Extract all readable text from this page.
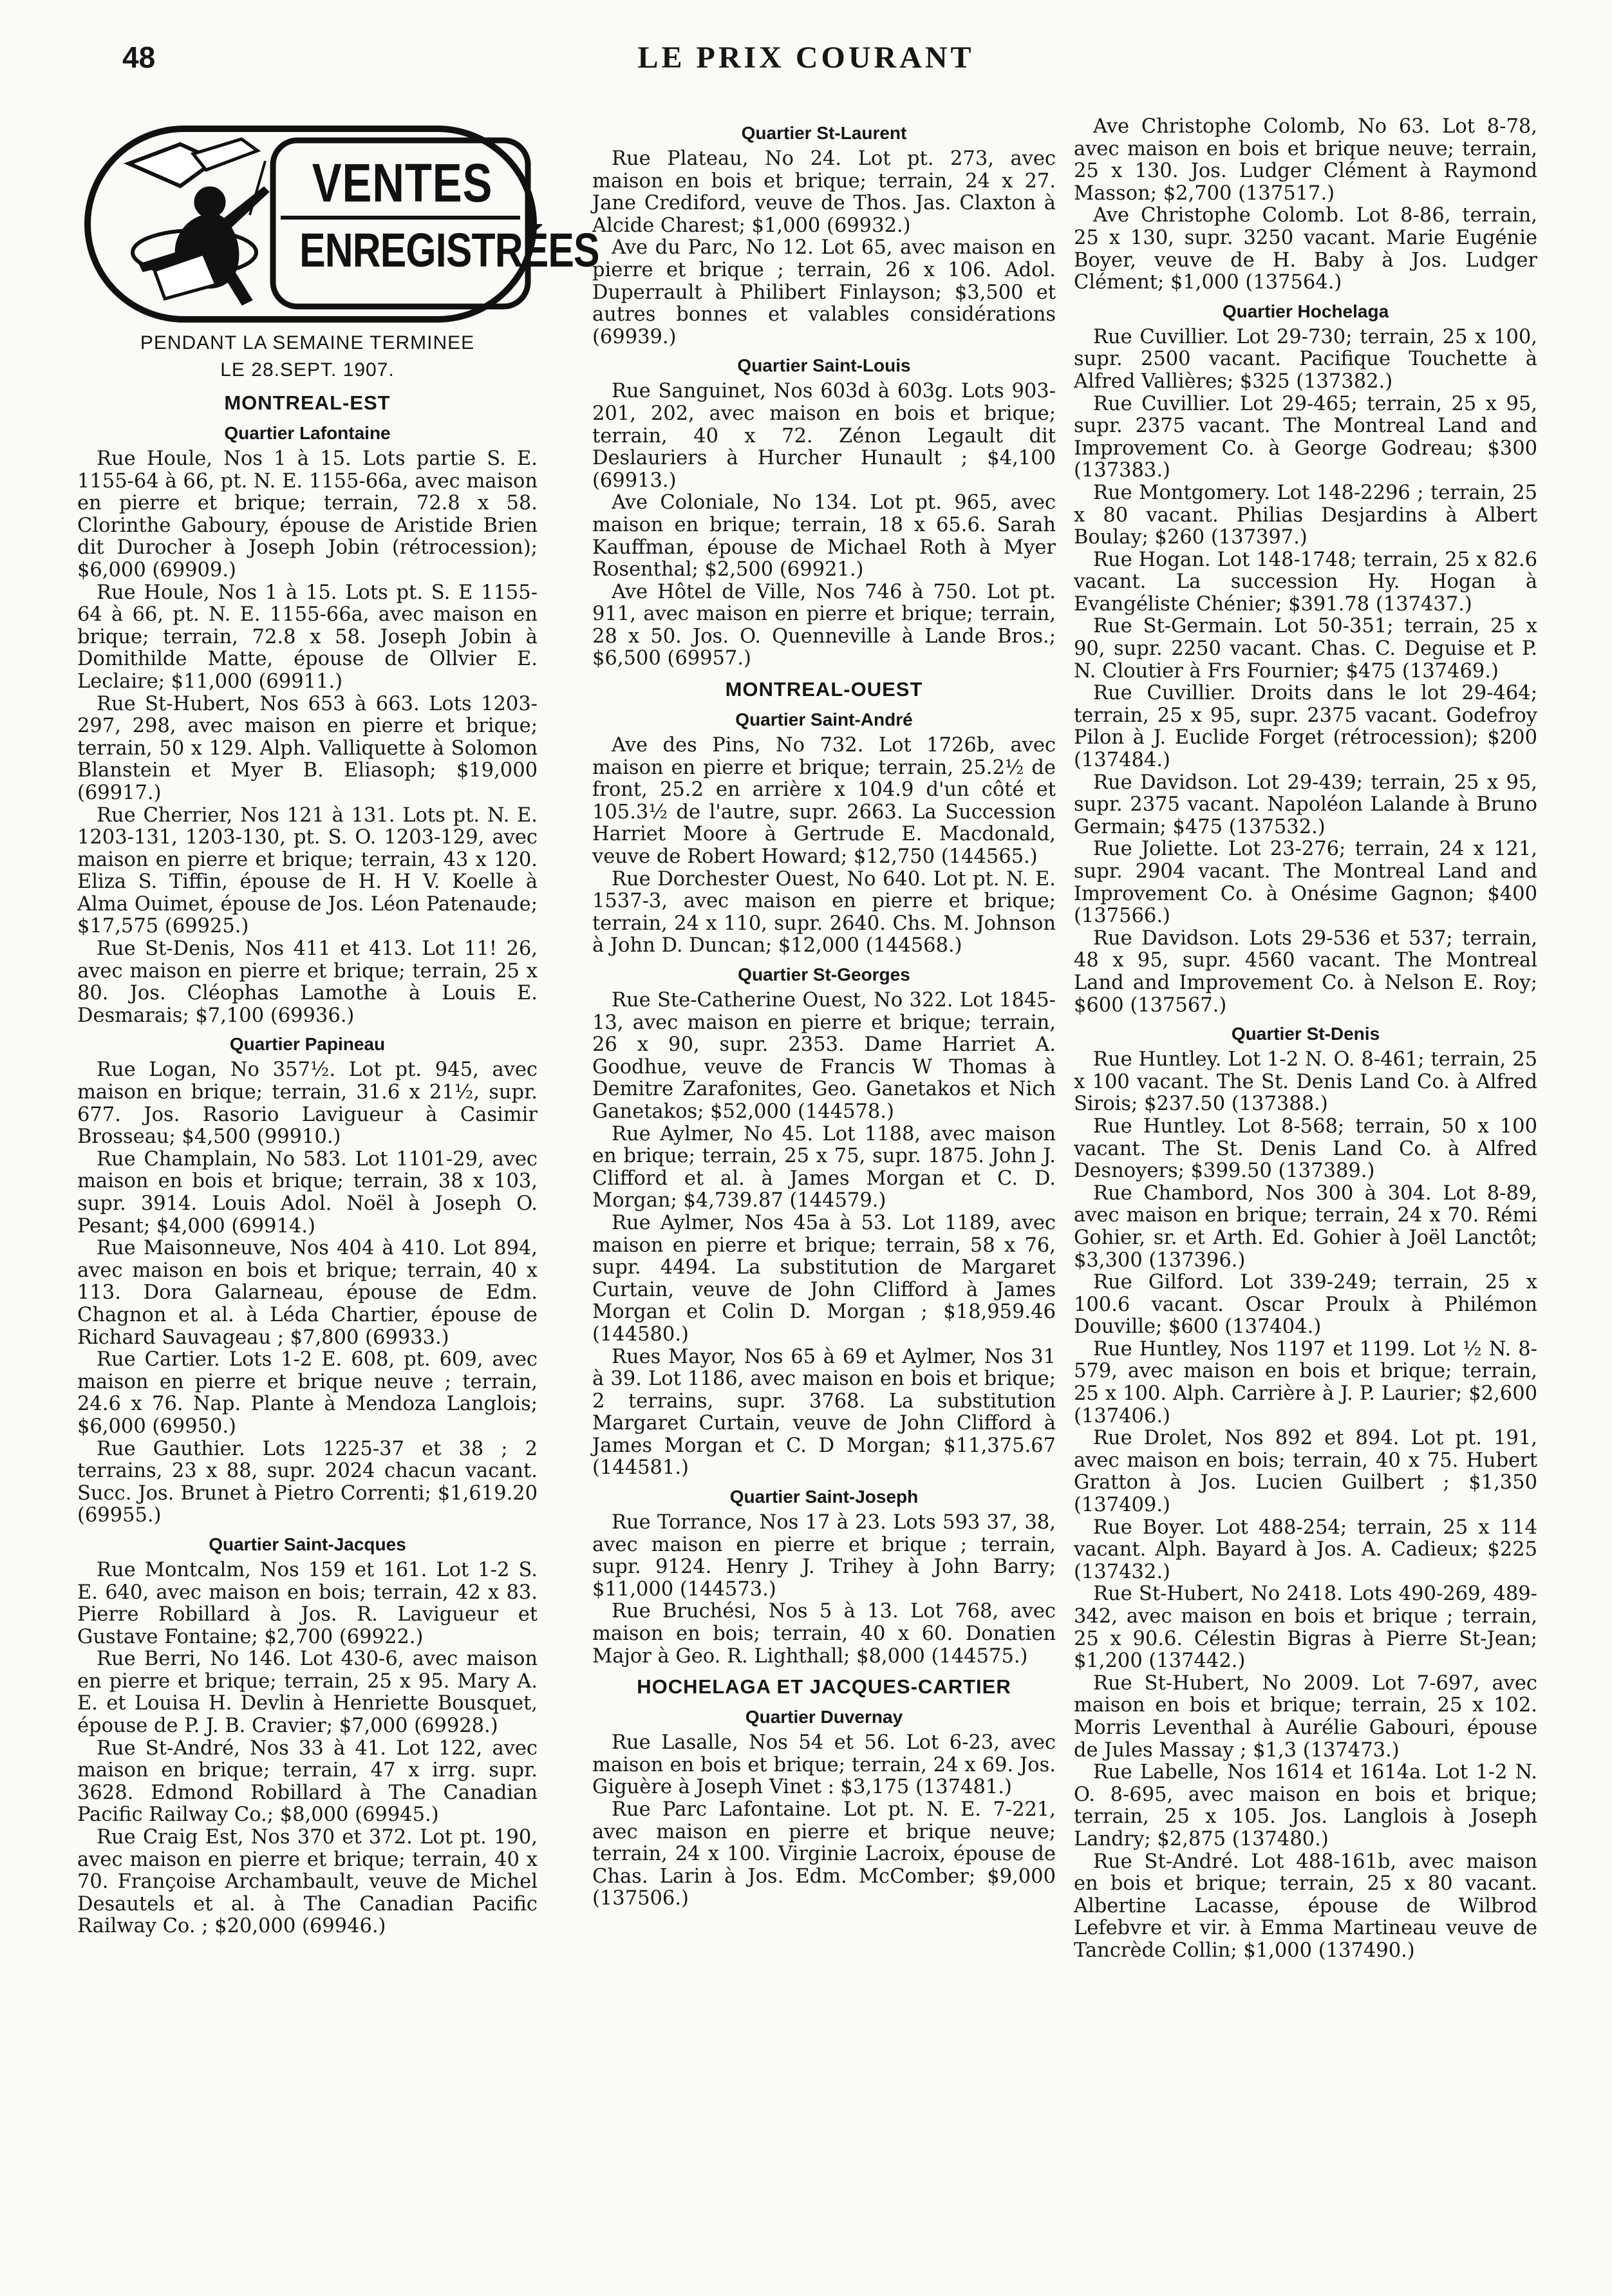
48	LE PRIX COURANT
VENTES
ENREGISTRÉES
PENDANT LA SEMAINE TERMINEE
LE 28.SEPT. 1907.

MONTREAL-EST

Quartier Lafontaine

Rue Houle, Nos 1 à 15. Lots partie S. E. 1155-64 à 66, pt. N. E. 1155-66a, avec maison en pierre et brique; terrain, 72.8 x 58. Clorinthe Gaboury, épouse de Aristide Brien dit Durocher à Joseph Jobin (rétrocession); $6,000 (69909.)

Rue Houle, Nos 1 à 15. Lots pt. S. E 1155-64 à 66, pt. N. E. 1155-66a, avec maison en brique; terrain, 72.8 x 58. Joseph Jobin à Domithilde Matte, épouse de Ollvier E. Leclaire; $11,000 (69911.)

Rue St-Hubert, Nos 653 à 663. Lots 1203-297, 298, avec maison en pierre et brique; terrain, 50 x 129. Alph. Valliquette à Solomon Blanstein et Myer B. Eliasoph; $19,000 (69917.)

Rue Cherrier, Nos 121 à 131. Lots pt. N. E. 1203-131, 1203-130, pt. S. O. 1203-129, avec maison en pierre et brique; terrain, 43 x 120. Eliza S. Tiffin, épouse de H. H V. Koelle à Alma Ouimet, épouse de Jos. Léon Patenaude; $17,575 (69925.)

Rue St-Denis, Nos 411 et 413. Lot 11! 26, avec maison en pierre et brique; terrain, 25 x 80. Jos. Cléophas Lamothe à Louis E. Desmarais; $7,100 (69936.)

Quartier Papineau

Rue Logan, No 357½. Lot pt. 945, avec maison en brique; terrain, 31.6 x 21½, supr. 677. Jos. Rasorio Lavigueur à Casimir Brosseau; $4,500 (99910.)

Rue Champlain, No 583. Lot 1101-29, avec maison en bois et brique; terrain, 38 x 103, supr. 3914. Louis Adol. Noël à Joseph O. Pesant; $4,000 (69914.)

Rue Maisonneuve, Nos 404 à 410. Lot 894, avec maison en bois et brique; terrain, 40 x 113. Dora Galarneau, épouse de Edm. Chagnon et al. à Léda Chartier, épouse de Richard Sauvageau ; $7,800 (69933.)

Rue Cartier. Lots 1-2 E. 608, pt. 609, avec maison en pierre et brique neuve ; terrain, 24.6 x 76. Nap. Plante à Mendoza Langlois; $6,000 (69950.)

Rue Gauthier. Lots 1225-37 et 38 ; 2 terrains, 23 x 88, supr. 2024 chacun vacant. Succ. Jos. Brunet à Pietro Correnti; $1,619.20 (69955.)

Quartier Saint-Jacques

Rue Montcalm, Nos 159 et 161. Lot 1-2 S. E. 640, avec maison en bois; terrain, 42 x 83. Pierre Robillard à Jos. R. Lavigueur et Gustave Fontaine; $2,700 (69922.)

Rue Berri, No 146. Lot 430-6, avec maison en pierre et brique; terrain, 25 x 95. Mary A. E. et Louisa H. Devlin à Henriette Bousquet, épouse de P. J. B. Cravier; $7,000 (69928.)

Rue St-André, Nos 33 à 41. Lot 122, avec maison en brique; terrain, 47 x irrg. supr. 3628. Edmond Robillard à The Canadian Pacific Railway Co.; $8,000 (69945.)

Rue Craig Est, Nos 370 et 372. Lot pt. 190, avec maison en pierre et brique; terrain, 40 x 70. Françoise Archambault, veuve de Michel Desautels et al. à The Canadian Pacific Railway Co. ; $20,000 (69946.)

Quartier St-Laurent

Rue Plateau, No 24. Lot pt. 273, avec maison en bois et brique; terrain, 24 x 27. Jane Crediford, veuve de Thos. Jas. Claxton à Alcide Charest; $1,000 (69932.)

Ave du Parc, No 12. Lot 65, avec maison en pierre et brique ; terrain, 26 x 106. Adol. Duperrault à Philibert Finlayson; $3,500 et autres bonnes et valables considérations (69939.)

Quartier Saint-Louis

Rue Sanguinet, Nos 603d à 603g. Lots 903-201, 202, avec maison en bois et brique; terrain, 40 x 72. Zénon Legault dit Deslauriers à Hurcher Hunault ; $4,100 (69913.)

Ave Coloniale, No 134. Lot pt. 965, avec maison en brique; terrain, 18 x 65.6. Sarah Kauffman, épouse de Michael Roth à Myer Rosenthal; $2,500 (69921.)

Ave Hôtel de Ville, Nos 746 à 750. Lot pt. 911, avec maison en pierre et brique; terrain, 28 x 50. Jos. O. Quenneville à Lande Bros.; $6,500 (69957.)

MONTREAL-OUEST

Quartier Saint-André

Ave des Pins, No 732. Lot 1726b, avec maison en pierre et brique; terrain, 25.2½ de front, 25.2 en arrière x 104.9 d'un côté et 105.3½ de l'autre, supr. 2663. La Succession Harriet Moore à Gertrude E. Macdonald, veuve de Robert Howard; $12,750 (144565.)

Rue Dorchester Ouest, No 640. Lot pt. N. E. 1537-3, avec maison en pierre et brique; terrain, 24 x 110, supr. 2640. Chs. M. Johnson à John D. Duncan; $12,000 (144568.)

Quartier St-Georges

Rue Ste-Catherine Ouest, No 322. Lot 1845-13, avec maison en pierre et brique; terrain, 26 x 90, supr. 2353. Dame Harriet A. Goodhue, veuve de Francis W Thomas à Demitre Zarafonites, Geo. Ganetakos et Nich Ganetakos; $52,000 (144578.)

Rue Aylmer, No 45. Lot 1188, avec maison en brique; terrain, 25 x 75, supr. 1875. John J. Clifford et al. à James Morgan et C. D. Morgan; $4,739.87 (144579.)

Rue Aylmer, Nos 45a à 53. Lot 1189, avec maison en pierre et brique; terrain, 58 x 76, supr. 4494. La substitution de Margaret Curtain, veuve de John Clifford à James Morgan et Colin D. Morgan ; $18,959.46 (144580.)

Rues Mayor, Nos 65 à 69 et Aylmer, Nos 31 à 39. Lot 1186, avec maison en bois et brique; 2 terrains, supr. 3768. La substitution Margaret Curtain, veuve de John Clifford à James Morgan et C. D Morgan; $11,375.67 (144581.)

Quartier Saint-Joseph

Rue Torrance, Nos 17 à 23. Lots 593 37, 38, avec maison en pierre et brique ; terrain, supr. 9124. Henry J. Trihey à John Barry; $11,000 (144573.)

Rue Bruchési, Nos 5 à 13. Lot 768, avec maison en bois; terrain, 40 x 60. Donatien Major à Geo. R. Lighthall; $8,000 (144575.)

HOCHELAGA ET JACQUES-CARTIER

Quartier Duvernay

Rue Lasalle, Nos 54 et 56. Lot 6-23, avec maison en bois et brique; terrain, 24 x 69. Jos. Giguère à Joseph Vinet : $3,175 (137481.)

Rue Parc Lafontaine. Lot pt. N. E. 7-221, avec maison en pierre et brique neuve; terrain, 24 x 100. Virginie Lacroix, épouse de Chas. Larin à Jos. Edm. McComber; $9,000 (137506.)

Ave Christophe Colomb, No 63. Lot 8-78, avec maison en bois et brique neuve; terrain, 25 x 130. Jos. Ludger Clément à Raymond Masson; $2,700 (137517.)

Ave Christophe Colomb. Lot 8-86, terrain, 25 x 130, supr. 3250 vacant. Marie Eugénie Boyer, veuve de H. Baby à Jos. Ludger Clément; $1,000 (137564.)

Quartier Hochelaga

Rue Cuvillier. Lot 29-730; terrain, 25 x 100, supr. 2500 vacant. Pacifique Touchette à Alfred Vallières; $325 (137382.)

Rue Cuvillier. Lot 29-465; terrain, 25 x 95, supr. 2375 vacant. The Montreal Land and Improvement Co. à George Godreau; $300 (137383.)

Rue Montgomery. Lot 148-2296 ; terrain, 25 x 80 vacant. Philias Desjardins à Albert Boulay; $260 (137397.)

Rue Hogan. Lot 148-1748; terrain, 25 x 82.6 vacant. La succession Hy. Hogan à Evangéliste Chénier; $391.78 (137437.)

Rue St-Germain. Lot 50-351; terrain, 25 x 90, supr. 2250 vacant. Chas. C. Deguise et P. N. Cloutier à Frs Fournier; $475 (137469.)

Rue Cuvillier. Droits dans le lot 29-464; terrain, 25 x 95, supr. 2375 vacant. Godefroy Pilon à J. Euclide Forget (rétrocession); $200 (137484.)

Rue Davidson. Lot 29-439; terrain, 25 x 95, supr. 2375 vacant. Napoléon Lalande à Bruno Germain; $475 (137532.)

Rue Joliette. Lot 23-276; terrain, 24 x 121, supr. 2904 vacant. The Montreal Land and Improvement Co. à Onésime Gagnon; $400 (137566.)

Rue Davidson. Lots 29-536 et 537; terrain, 48 x 95, supr. 4560 vacant. The Montreal Land and Improvement Co. à Nelson E. Roy; $600 (137567.)

Quartier St-Denis

Rue Huntley. Lot 1-2 N. O. 8-461; terrain, 25 x 100 vacant. The St. Denis Land Co. à Alfred Sirois; $237.50 (137388.)

Rue Huntley. Lot 8-568; terrain, 50 x 100 vacant. The St. Denis Land Co. à Alfred Desnoyers; $399.50 (137389.)

Rue Chambord, Nos 300 à 304. Lot 8-89, avec maison en brique; terrain, 24 x 70. Rémi Gohier, sr. et Arth. Ed. Gohier à Joël Lanctôt; $3,300 (137396.)

Rue Gilford. Lot 339-249; terrain, 25 x 100.6 vacant. Oscar Proulx à Philémon Douville; $600 (137404.)

Rue Huntley, Nos 1197 et 1199. Lot ½ N. 8-579, avec maison en bois et brique; terrain, 25 x 100. Alph. Carrière à J. P. Laurier; $2,600 (137406.)

Rue Drolet, Nos 892 et 894. Lot pt. 191, avec maison en bois; terrain, 40 x 75. Hubert Gratton à Jos. Lucien Guilbert ; $1,350 (137409.)

Rue Boyer. Lot 488-254; terrain, 25 x 114 vacant. Alph. Bayard à Jos. A. Cadieux; $225 (137432.)

Rue St-Hubert, No 2418. Lots 490-269, 489-342, avec maison en bois et brique ; terrain, 25 x 90.6. Célestin Bigras à Pierre St-Jean; $1,200 (137442.)

Rue St-Hubert, No 2009. Lot 7-697, avec maison en bois et brique; terrain, 25 x 102. Morris Leventhal à Aurélie Gabouri, épouse de Jules Massay ; $1,3 (137473.)

Rue Labelle, Nos 1614 et 1614a. Lot 1-2 N. O. 8-695, avec maison en bois et brique; terrain, 25 x 105. Jos. Langlois à Joseph Landry; $2,875 (137480.)

Rue St-André. Lot 488-161b, avec maison en bois et brique; terrain, 25 x 80 vacant. Albertine Lacasse, épouse de Wilbrod Lefebvre et vir. à Emma Martineau veuve de Tancrède Collin; $1,000 (137490.)
